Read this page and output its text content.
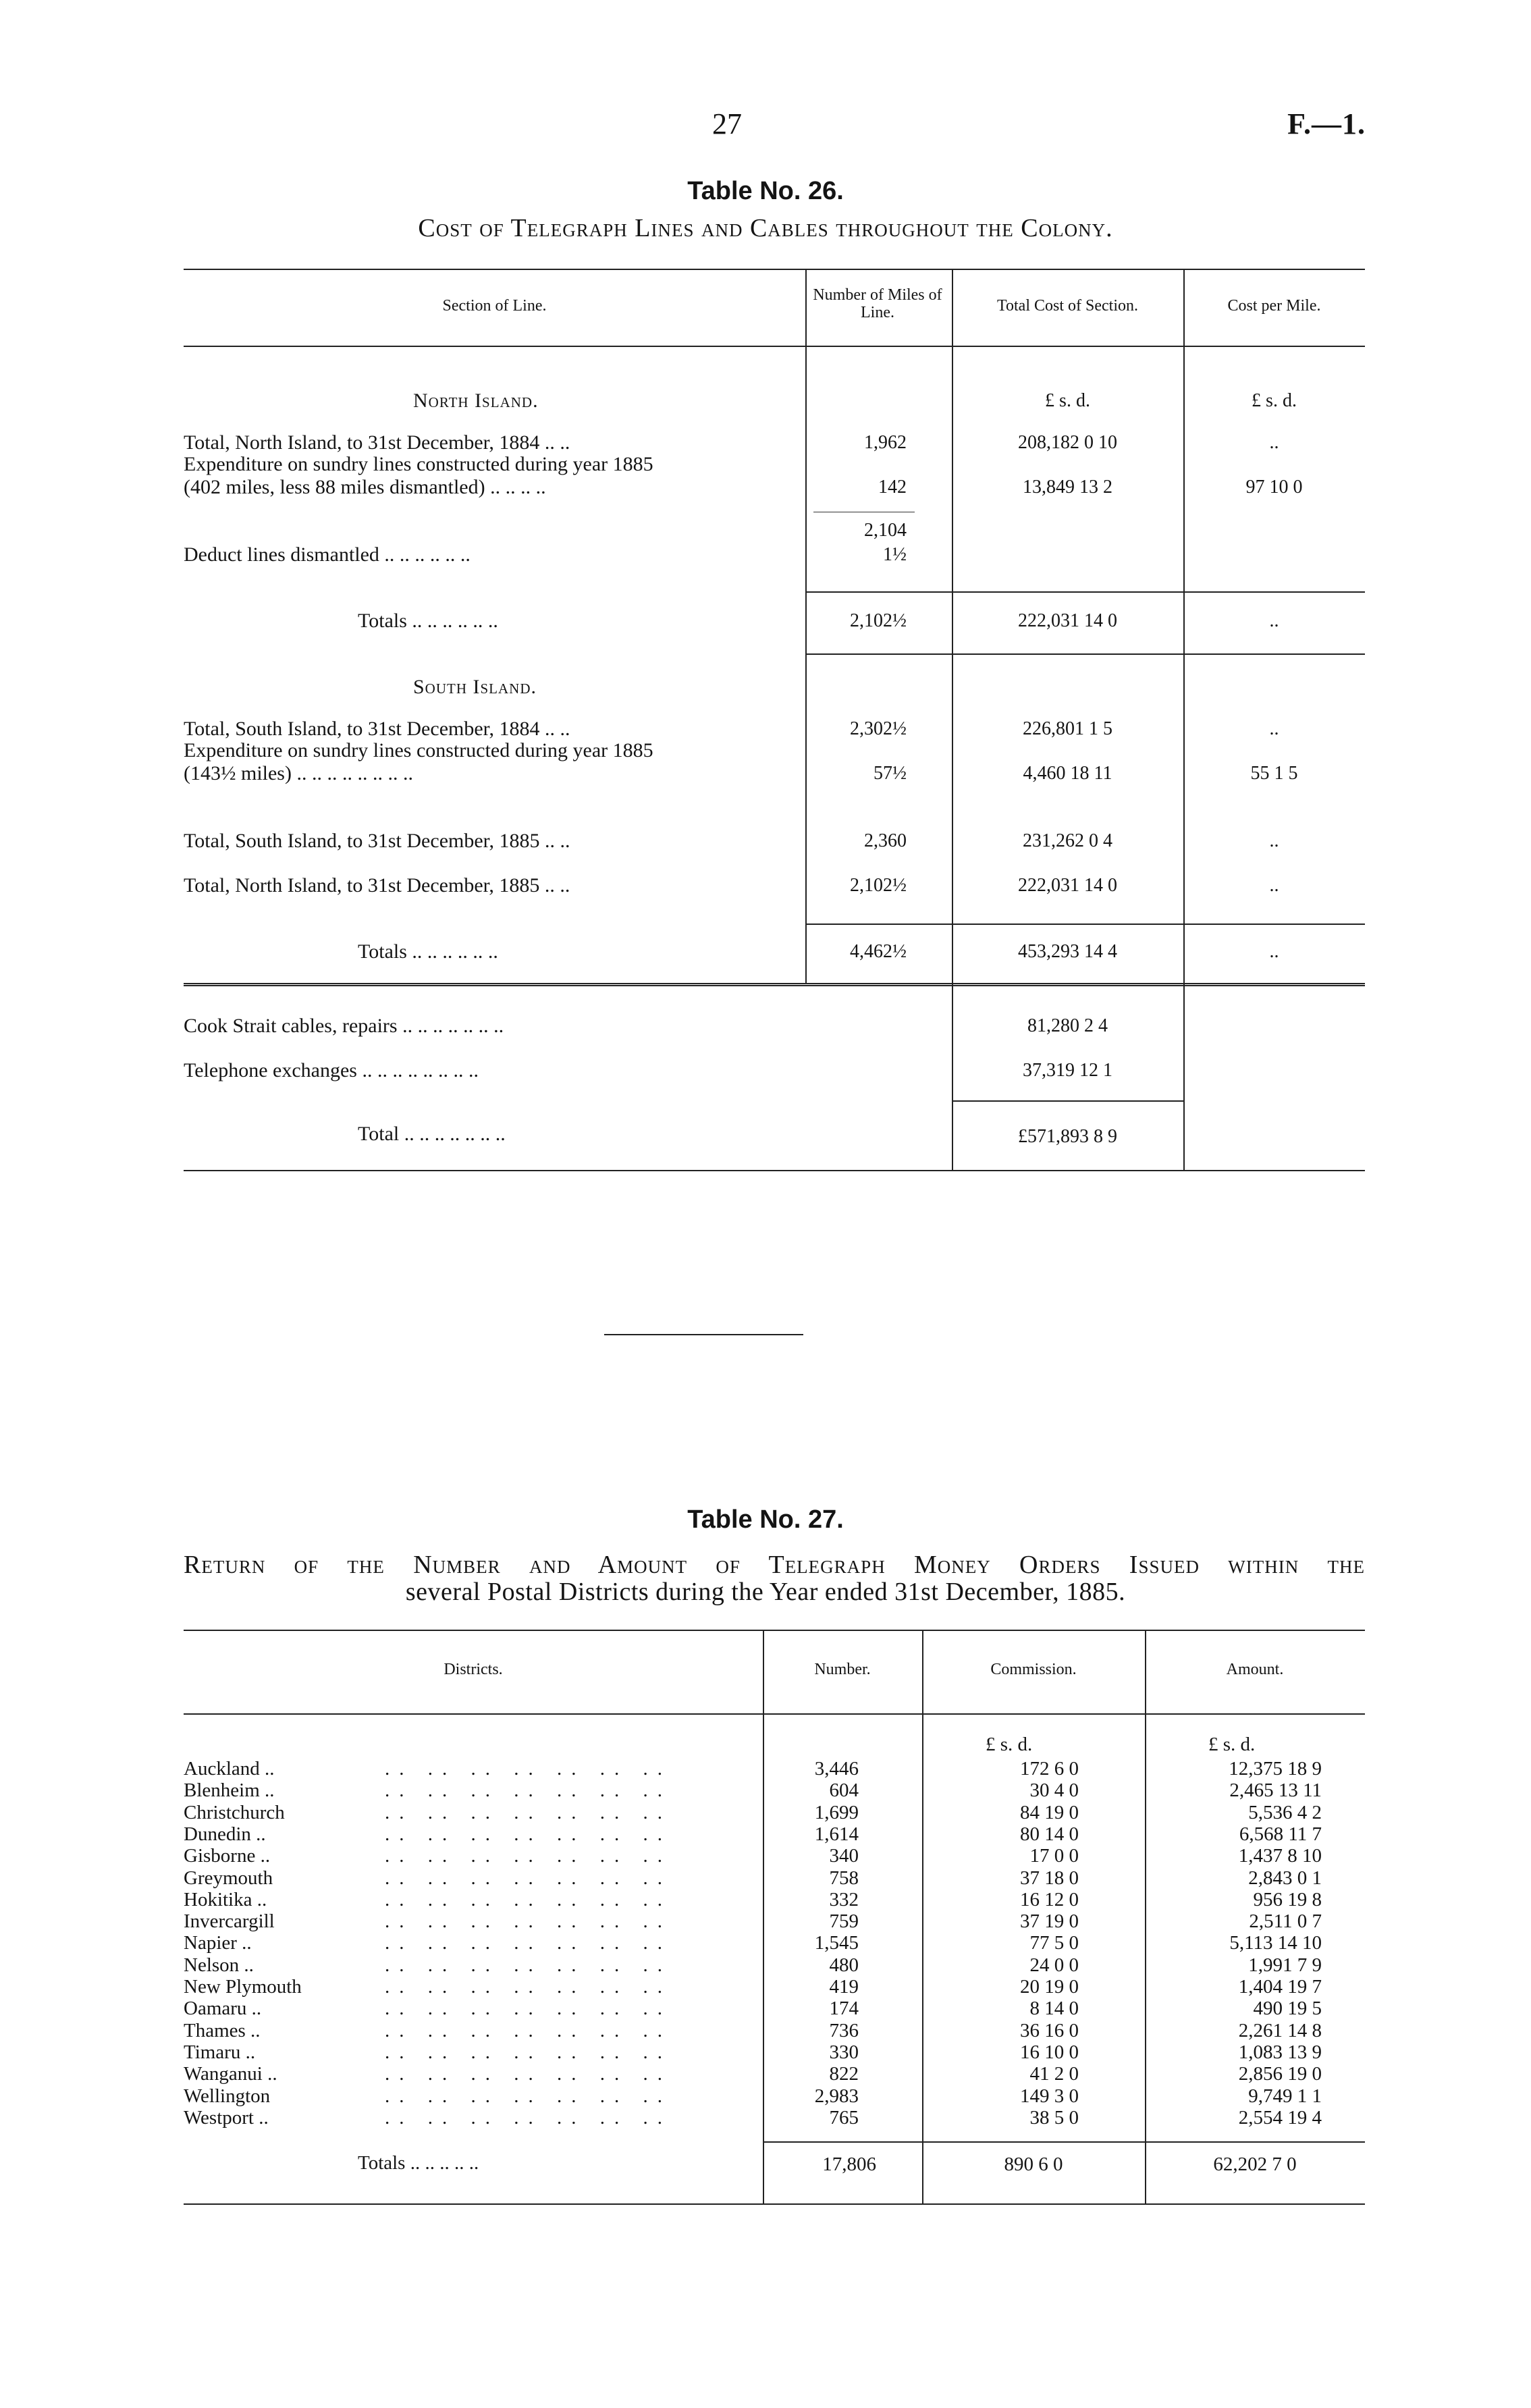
27	F.—1.
Table No. 26.
Cost of Telegraph Lines and Cables throughout the Colony.
Section of Line.
Number of Miles of Line.	Total Cost of Section.	Cost per Mile.
North Island.	£ s. d.	£ s. d.
Total, North Island, to 31st December, 1884 .. ..	1,962	208,182 0 10	..
Expenditure on sundry lines constructed during year 1885
(402 miles, less 88 miles dismantled) .. .. .. ..	142	13,849 13 2	97 10 0
2,104
Deduct lines dismantled .. .. .. .. .. ..	1½
Totals .. .. .. .. .. ..	2,102½	222,031 14 0	..
South Island.
Total, South Island, to 31st December, 1884 .. ..	2,302½	226,801 1 5	..
Expenditure on sundry lines constructed during year 1885
(143½ miles) .. .. .. .. .. .. .. ..	57½	4,460 18 11	55 1 5
Total, South Island, to 31st December, 1885 .. ..	2,360	231,262 0 4	..
Total, North Island, to 31st December, 1885 .. ..	2,102½	222,031 14 0	..
Totals .. .. .. .. .. ..	4,462½	453,293 14 4	..
Cook Strait cables, repairs .. .. .. .. .. .. ..	81,280 2 4
Telephone exchanges .. .. .. .. .. .. .. ..	37,319 12 1
Total .. .. .. .. .. .. ..	£571,893 8 9
Table No. 27.
Return of the Number and Amount of Telegraph Money Orders Issued within the
several Postal Districts during the Year ended 31st December, 1885.
Districts.	Number.	Commission.	Amount.
£ s. d.	£ s. d.
Auckland ..	.. .. .. .. .. .. ..	3,446	172 6 0	12,375 18 9
Blenheim ..	.. .. .. .. .. .. ..	604	30 4 0	2,465 13 11
Christchurch	.. .. .. .. .. .. ..	1,699	84 19 0	5,536 4 2
Dunedin ..	.. .. .. .. .. .. ..	1,614	80 14 0	6,568 11 7
Gisborne ..	.. .. .. .. .. .. ..	340	17 0 0	1,437 8 10
Greymouth	.. .. .. .. .. .. ..	758	37 18 0	2,843 0 1
Hokitika ..	.. .. .. .. .. .. ..	332	16 12 0	956 19 8
Invercargill	.. .. .. .. .. .. ..	759	37 19 0	2,511 0 7
Napier ..	.. .. .. .. .. .. ..	1,545	77 5 0	5,113 14 10
Nelson ..	.. .. .. .. .. .. ..	480	24 0 0	1,991 7 9
New Plymouth	.. .. .. .. .. .. ..	419	20 19 0	1,404 19 7
Oamaru ..	.. .. .. .. .. .. ..	174	8 14 0	490 19 5
Thames ..	.. .. .. .. .. .. ..	736	36 16 0	2,261 14 8
Timaru ..	.. .. .. .. .. .. ..	330	16 10 0	1,083 13 9
Wanganui ..	.. .. .. .. .. .. ..	822	41 2 0	2,856 19 0
Wellington	.. .. .. .. .. .. ..	2,983	149 3 0	9,749 1 1
Westport ..	.. .. .. .. .. .. ..	765	38 5 0	2,554 19 4
Totals .. .. .. .. ..	17,806	890 6 0	62,202 7 0
